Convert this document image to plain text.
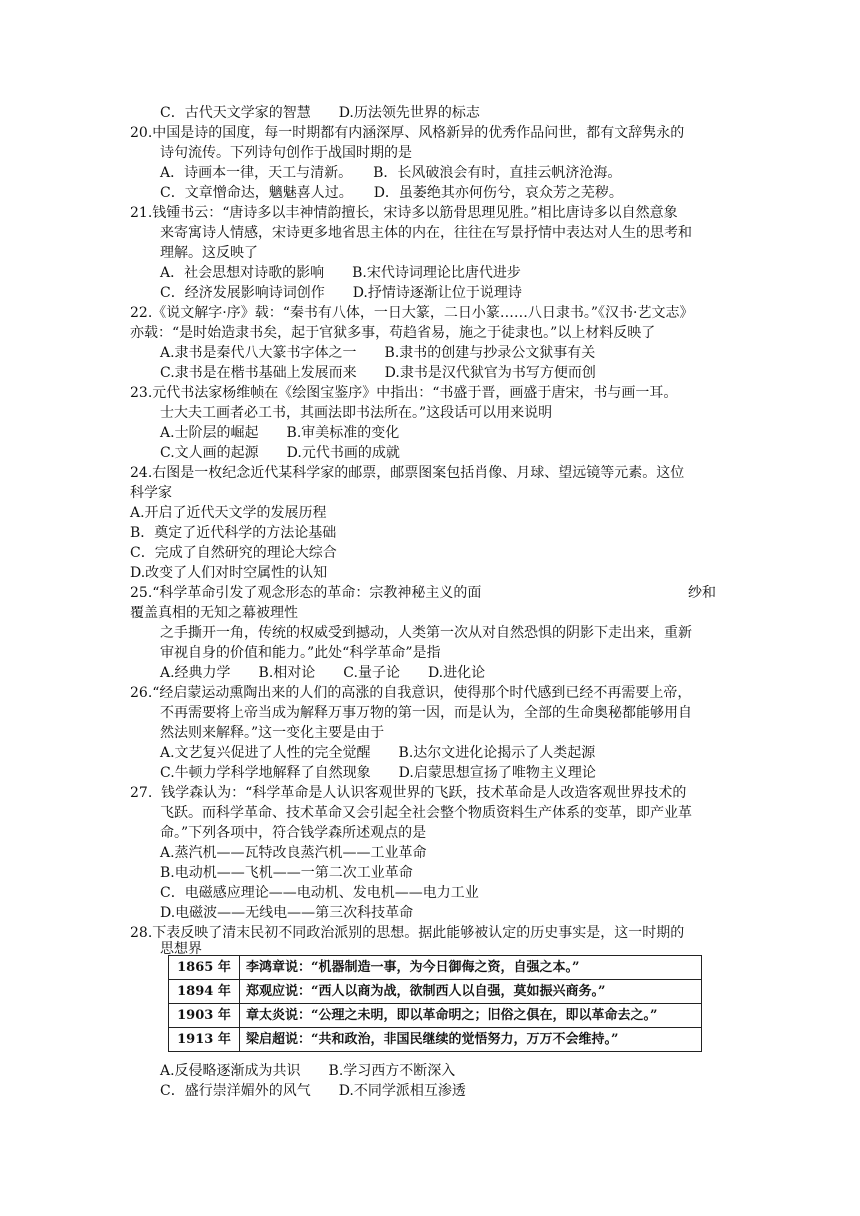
C．古代天文学家的智慧　　D.历法领先世界的标志
20.中国是诗的国度，每一时期都有内涵深厚、风格新异的优秀作品问世，都有文辞隽永的
诗句流传。下列诗句创作于战国时期的是
A．诗画本一律，天工与清新。　　B．长风破浪会有时，直挂云帆济沧海。
C．文章憎命达，魑魅喜人过。　　D．虽萎绝其亦何伤兮，哀众芳之芜秽。
21.钱锺书云：“唐诗多以丰神情韵擅长，宋诗多以筋骨思理见胜。”相比唐诗多以自然意象
来寄寓诗人情感，宋诗更多地省思主体的内在，往往在写景抒情中表达对人生的思考和
理解。这反映了
A．社会思想对诗歌的影响　　B.宋代诗词理论比唐代进步
C．经济发展影响诗词创作　　D.抒情诗逐渐让位于说理诗
22.《说文解字·序》载：“秦书有八体，一日大篆，二日小篆……八日隶书。”《汉书·艺文志》
亦载：“是时始造隶书矣，起于官狱多事，苟趋省易，施之于徒隶也。”以上材料反映了
A.隶书是秦代八大篆书字体之一　　B.隶书的创建与抄录公文狱事有关
C.隶书是在楷书基础上发展而来　　D.隶书是汉代狱官为书写方便而创
23.元代书法家杨维帧在《绘图宝鉴序》中指出：“书盛于晋，画盛于唐宋，书与画一耳。
士大夫工画者必工书，其画法即书法所在。”这段话可以用来说明
A.士阶层的崛起　　B.审美标准的变化
C.文人画的起源　　D.元代书画的成就
24.右图是一枚纪念近代某科学家的邮票，邮票图案包括肖像、月球、望远镜等元素。这位
科学家
A.开启了近代天文学的发展历程
B．奠定了近代科学的方法论基础
C．完成了自然研究的理论大综合
D.改变了人们对时空属性的认知
25.“科学革命引发了观念形态的革命：宗教神秘主义的面	纱和
覆盖真相的无知之幕被理性
之手撕开一角，传统的权威受到撼动，人类第一次从对自然恐惧的阴影下走出来，重新
审视自身的价值和能力。”此处“科学革命”是指
A.经典力学　　B.相对论　　C.量子论　　D.进化论
26.“经启蒙运动熏陶出来的人们的高涨的自我意识，使得那个时代感到已经不再需要上帝，
不再需要将上帝当成为解释万事万物的第一因，而是认为，全部的生命奥秘都能够用自
然法则来解释。”这一变化主要是由于
A.文艺复兴促进了人性的完全觉醒　　B.达尔文进化论揭示了人类起源
C.牛顿力学科学地解释了自然现象　　D.启蒙思想宣扬了唯物主义理论
27.  钱学森认为：“科学革命是人认识客观世界的飞跃，技术革命是人改造客观世界技术的
飞跃。而科学革命、技术革命又会引起全社会整个物质资料生产体系的变革，即产业革
命。”下列各项中，符合钱学森所述观点的是
A.蒸汽机——瓦特改良蒸汽机——工业革命
B.电动机——飞机——一第二次工业革命
C．电磁感应理论——电动机、发电机——电力工业
D.电磁波——无线电——第三次科技革命
28.下表反映了清末民初不同政治派别的思想。据此能够被认定的历史事实是，这一时期的
思想界
1865 年	李鸿章说：“机器制造一事，为今日御侮之资，自强之本。”
1894 年	郑观应说：“西人以商为战，欲制西人以自强，莫如振兴商务。”
1903 年	章太炎说：“公理之未明，即以革命明之；旧俗之俱在，即以革命去之。”
1913 年	梁启超说：“共和政治，非国民继续的觉悟努力，万万不会维持。”
A.反侵略逐渐成为共识　　B.学习西方不断深入
C．盛行崇洋媚外的风气　　D.不同学派相互渗透
